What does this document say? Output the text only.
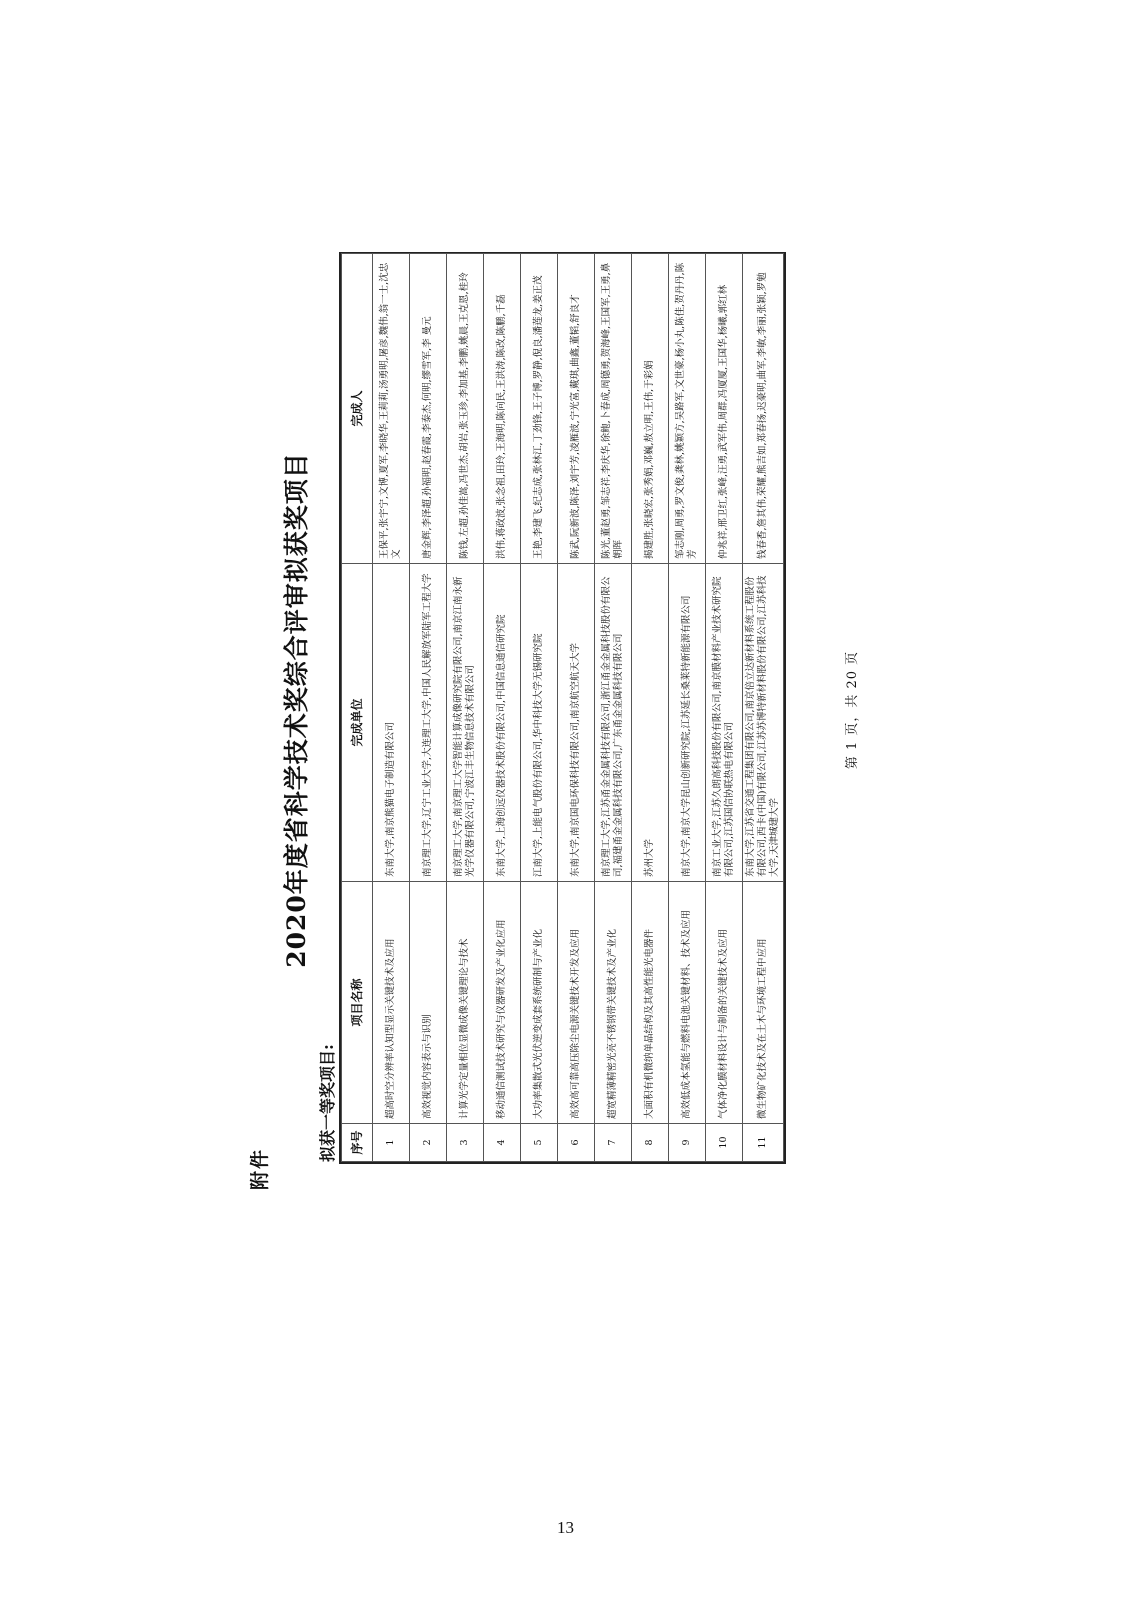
附件
2020年度省科学技术奖综合评审拟获奖项目
拟获一等奖项目: 序号	项目名称	完成单位	完成人
1	超高时空分辨率认知型显示关键技术及应用	东南大学,南京熊猫电子制造有限公司	王保平,张宇宁,文博,夏军,李晓华,王莉莉,汤勇明,屠彦,魏伟,翁一士,沈忠文
2	高效视觉内容表示与识别	南京理工大学,辽宁工业大学,大连理工大学,中国人民解放军陆军工程大学	唐金辉,李泽超,孙福明,赵春霞,李泰杰,何明,缪雪军,李 曼元
3	计算光学定量相位显微成像关键理论与技术	南京理工大学,南京理工大学智能计算成像研究院有限公司,南京江南永新光学仪器有限公司,宁波江丰生物信息技术有限公司	陈钱,左超,孙佳嵩,冯世杰,胡岩,张玉珍,李加基,李鹏,姚晨,王克恩,桂玲
4	移动通信测试技术研究与仪器研发及产业化应用	东南大学,上海创远仪器技术股份有限公司,中国信息通信研究院	洪伟,蒋政波,张念祖,田玲,王海明,陈向民,王洪涛,陈改,陈鹏,千磊
5	大功率集散式光伏逆变成套系统研制与产业化	江南大学,上能电气股份有限公司,华中科技大学无锡研究院	王艳,李建飞,纪志成,张林江,丁劲锋,王子博,罗静,倪良,潘莲龙,姜正茂
6	高效高可靠高压除尘电源关键技术开发及应用	东南大学,南京国电环保科技有限公司,南京航空航天大学	陈武,阮新波,陈泽,刘宇芳,凌雁波,宁光富,戴琪,曲鑫,董韬,舒良才
7	超宽精薄精密光亮不锈钢带关键技术及产业化	南京理工大学,江苏甬金金属科技有限公司,浙江甬金金属科技股份有限公司,福建甬金金属科技有限公司,广东甬金金属科技有限公司	陈光,董赵勇,邹志祥,李庆华,徐鲍,卜春成,周德勇,贺海峰,王国军,王勇,鼻朝晖
8	大面积有机微纳单晶结构及其高性能光电器件	苏州大学	揭建胜,张晓宏,张秀娟,邓巍,敖立明,王伟,于彩娟
9	高效低成本氢能与燃料电池关键材料、技术及应用	南京大学,南京大学昆山创新研究院,江苏延长桑莱特新能源有限公司	邹志刚,周勇,罗文俊,龚林,姚颖方,吴路军,文世豪,杨小丸,陈佳,贺丹丹,陈芳
10	气体净化膜材料设计与制备的关键技术及应用	南京工业大学,江苏久朗高科技股份有限公司,南京膜材料产业技术研究院有限公司,江苏国信协联热电有限公司	仲兆祥,邢卫红,张峰,汪勇,武军伟,周群,冯厦厦,王国华,杨曦,郭红林
11	微生物矿化技术及在土木与环境工程中应用	东南大学,江苏省交通工程集团有限公司,南京倍立达新材料系统工程股份有限公司,西卡(中国)有限公司,江苏苏博特新材料股份有限公司,江苏科技大学,天津城建大学	钱春香,詹其伟,荣耀,熊吉如,郑春扬,迟豪明,曲军,李敏,李丽,张颖,罗勉
第 1 页，共 20 页
13
